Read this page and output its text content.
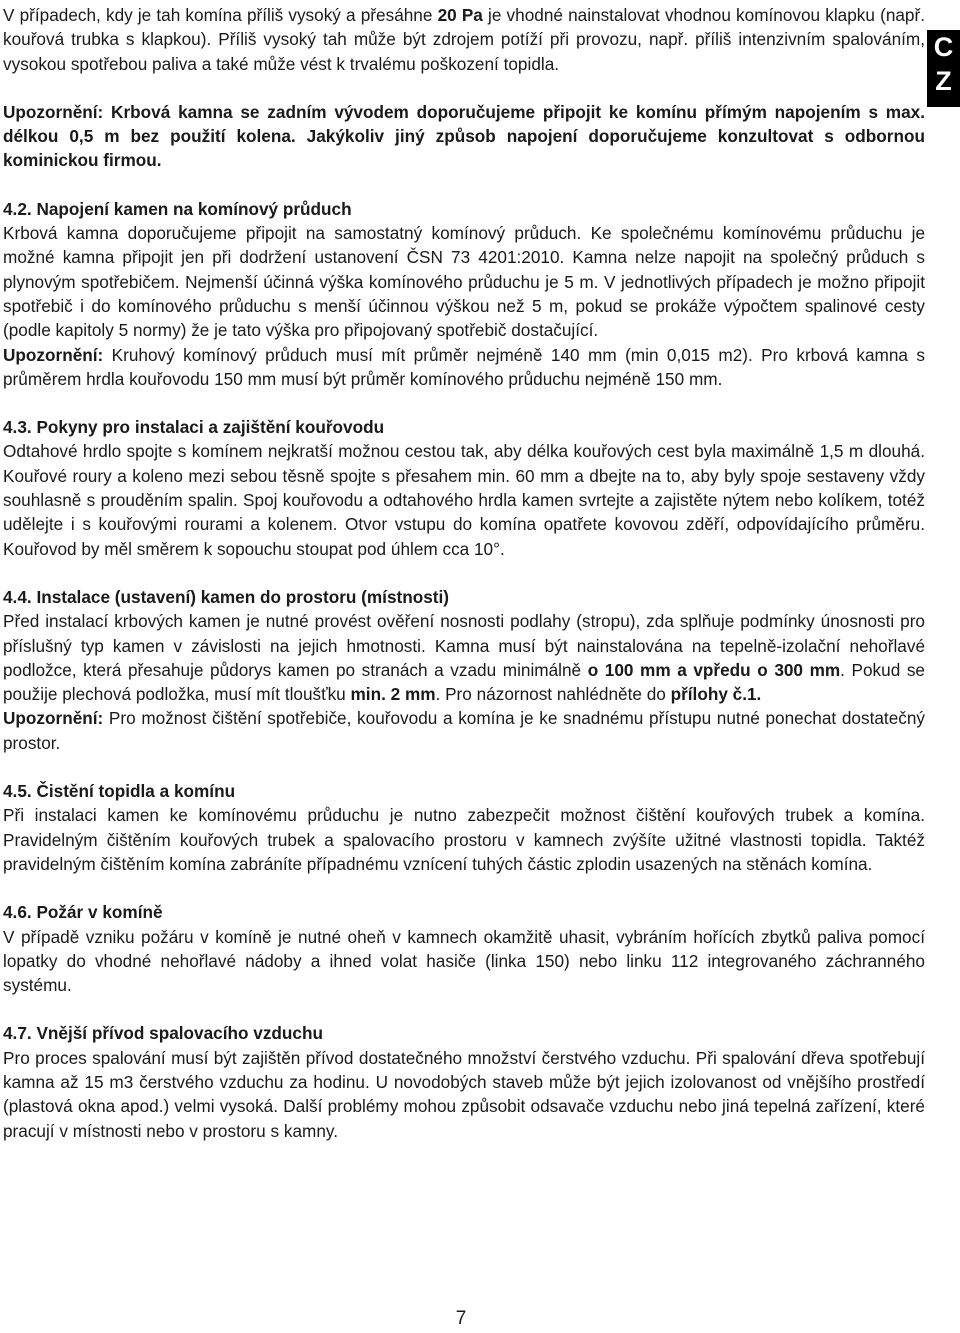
C
Z

V případech, kdy je tah komína příliš vysoký a přesáhne 20 Pa je vhodné nainstalovat vhodnou komínovou klapku (např. kouřová trubka s klapkou). Příliš vysoký tah může být zdrojem potíží při provozu, např. příliš intenzivním spalováním, vysokou spotřebou paliva a také může vést k trvalému poškození topidla.

Upozornění: Krbová kamna se zadním vývodem doporučujeme připojit ke komínu přímým napojením s max. délkou 0,5 m bez použití kolena. Jakýkoliv jiný způsob napojení doporučujeme konzultovat s odbornou kominickou firmou.

4.2. Napojení kamen na komínový průduch

Krbová kamna doporučujeme připojit na samostatný komínový průduch. Ke společnému komínovému průduchu je možné kamna připojit jen při dodržení ustanovení ČSN 73 4201:2010. Kamna nelze napojit na společný průduch s plynovým spotřebičem. Nejmenší účinná výška komínového průduchu je 5 m. V jednotlivých případech je možno připojit spotřebič i do komínového průduchu s menší účinnou výškou než 5 m, pokud se prokáže výpočtem spalinové cesty (podle kapitoly 5 normy) že je tato výška pro připojovaný spotřebič dostačující.

Upozornění: Kruhový komínový průduch musí mít průměr nejméně 140 mm (min 0,015 m2). Pro krbová kamna s průměrem hrdla kouřovodu 150 mm musí být průměr komínového průduchu nejméně 150 mm.

4.3. Pokyny pro instalaci a zajištění kouřovodu

Odtahové hrdlo spojte s komínem nejkratší možnou cestou tak, aby délka kouřových cest byla maximálně 1,5 m dlouhá. Kouřové roury a koleno mezi sebou těsně spojte s přesahem min. 60 mm a dbejte na to, aby byly spoje sestaveny vždy souhlasně s prouděním spalin. Spoj kouřovodu a odtahového hrdla kamen svrtejte a zajistěte nýtem nebo kolíkem, totéž udělejte i s kouřovými rourami a kolenem. Otvor vstupu do komína opatřete kovovou zděří, odpovídajícího průměru. Kouřovod by měl směrem k sopouchu stoupat pod úhlem cca 10°.

4.4. Instalace (ustavení) kamen do prostoru (místnosti)

Před instalací krbových kamen je nutné provést ověření nosnosti podlahy (stropu), zda splňuje podmínky únosnosti pro příslušný typ kamen v závislosti na jejich hmotnosti. Kamna musí být nainstalována na tepelně-izolační nehořlavé podložce, která přesahuje půdorys kamen po stranách a vzadu minimálně o 100 mm a vpředu o 300 mm. Pokud se použije plechová podložka, musí mít tloušťku min. 2 mm. Pro názornost nahlédněte do přílohy č.1.

Upozornění: Pro možnost čištění spotřebiče, kouřovodu a komína je ke snadnému přístupu nutné ponechat dostatečný prostor.

4.5. Čistění topidla a komínu

Při instalaci kamen ke komínovému průduchu je nutno zabezpečit možnost čištění kouřových trubek a komína. Pravidelným čištěním kouřových trubek a spalovacího prostoru v kamnech zvýšíte užitné vlastnosti topidla. Taktéž pravidelným čištěním komína zabráníte případnému vznícení tuhých částic zplodin usazených na stěnách komína.

4.6. Požár v komíně

V případě vzniku požáru v komíně je nutné oheň v kamnech okamžitě uhasit, vybráním hořících zbytků paliva pomocí lopatky do vhodné nehořlavé nádoby a ihned volat hasiče (linka 150) nebo linku 112 integrovaného záchranného systému.

4.7. Vnější přívod spalovacího vzduchu

Pro proces spalování musí být zajištěn přívod dostatečného množství čerstvého vzduchu. Při spalování dřeva spotřebují kamna až 15 m3 čerstvého vzduchu za hodinu. U novodobých staveb může být jejich izolovanost od vnějšího prostředí (plastová okna apod.) velmi vysoká. Další problémy mohou způsobit odsavače vzduchu nebo jiná tepelná zařízení, které pracují v místnosti nebo v prostoru s kamny.

7
